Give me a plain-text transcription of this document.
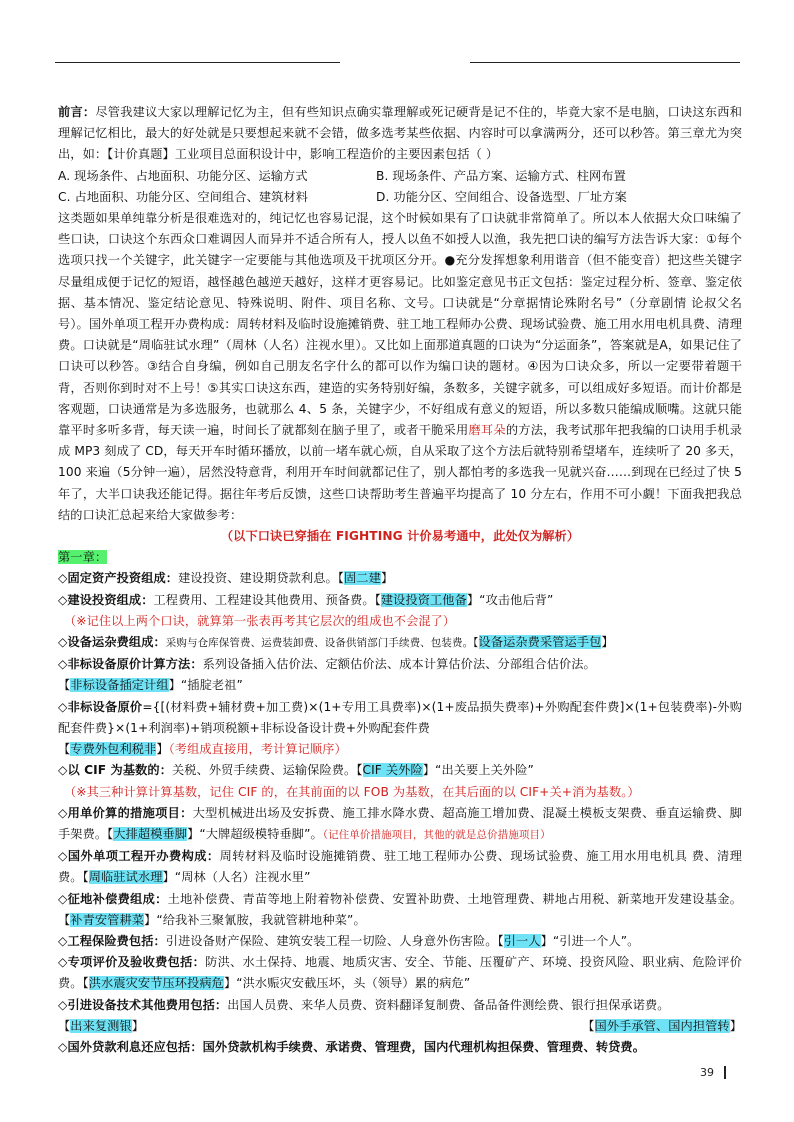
前言：尽管我建议大家以理解记忆为主，但有些知识点确实靠理解或死记硬背是记不住的，毕竟大家不是电脑，口诀这东西和理解记忆相比，最大的好处就是只要想起来就不会错，做多选考某些依据、内容时可以拿满两分，还可以秒答。第三章尤为突出，如：【计价真题】工业项目总面积设计中，影响工程造价的主要因素包括（ ）

A. 现场条件、占地面积、功能分区、运输方式	B. 现场条件、产品方案、运输方式、柱网布置
C. 占地面积、功能分区、空间组合、建筑材料	D. 功能分区、空间组合、设备选型、厂址方案

这类题如果单纯靠分析是很难选对的，纯记忆也容易记混，这个时候如果有了口诀就非常简单了。所以本人依据大众口味编了些口诀，口诀这个东西众口难调因人而异并不适合所有人，授人以鱼不如授人以渔，我先把口诀的编写方法告诉大家：①每个选项只找一个关键字，此关键字一定要能与其他选项及干扰项区分开。●充分发挥想象利用谐音（但不能变音）把这些关键字尽量组成便于记忆的短语，越怪越色越逆天越好，这样才更容易记。比如鉴定意见书正文包括：鉴定过程分析、签章、鉴定依据、基本情况、鉴定结论意见、特殊说明、附件、项目名称、文号。口诀就是“分章据情论殊附名号”（分章剧情 论叔父名号）。国外单项工程开办费构成：周转材料及临时设施摊销费、驻工地工程师办公费、现场试验费、施工用水用电机具费、清理费。口诀就是“周临驻试水理”（周林（人名）注视水里）。又比如上面那道真题的口诀为“分运面条”，答案就是A，如果记住了口诀可以秒答。③结合自身编，例如自己朋友名字什么的都可以作为编口诀的题材。④因为口诀众多，所以一定要带着题干背，否则你到时对不上号！⑤其实口诀这东西，建造的实务特别好编，条数多，关键字就多，可以组成好多短语。而计价都是客观题，口诀通常是为多选服务，也就那么 4、5 条，关键字少，不好组成有意义的短语，所以多数只能编成顺嘴。这就只能靠平时多听多背，每天读一遍，时间长了就都刻在脑子里了，或者干脆采用磨耳朵的方法，我考试那年把我编的口诀用手机录成 MP3 刻成了 CD，每天开车时循环播放，以前一堵车就心烦，自从采取了这个方法后就特别希望堵车，连续听了 20 多天，100 来遍（5分钟一遍），居然没特意背，利用开车时间就都记住了，别人都怕考的多选我一见就兴奋……到现在已经过了快 5 年了，大半口诀我还能记得。据往年考后反馈，这些口诀帮助考生普遍平均提高了 10 分左右，作用不可小觑！下面我把我总结的口诀汇总起来给大家做参考：

（以下口诀已穿插在 FIGHTING 计价易考通中，此处仅为解析）
第一章：

◇固定资产投资组成：建设投资、建设期贷款利息。【固二建】

◇建设投资组成：工程费用、工程建设其他费用、预备费。【建设投资工他备】“攻击他后背”

（※记住以上两个口诀，就算第一张表再考其它层次的组成也不会混了）

◇设备运杂费组成：采购与仓库保管费、运费装卸费、设备供销部门手续费、包装费。【设备运杂费采管运手包】

◇非标设备原价计算方法：系列设备插入估价法、定额估价法、成本计算估价法、分部组合估价法。
【非标设备插定计组】“插腚老祖”

◇非标设备原价={[(材料费+辅材费+加工费)×(1+专用工具费率)×(1+废品损失费率)+外购配套件费]×(1+包装费率)-外购配套件费}×(1+利润率)+销项税额+非标设备设计费+外购配套件费
【专费外包利税非】（考组成直接用，考计算记顺序）

◇以 CIF 为基数的：关税、外贸手续费、运输保险费。【CIF 关外险】“出关要上关外险”

（※其三种计算计算基数，记住 CIF 的，在其前面的以 FOB 为基数，在其后面的以 CIF+关+消为基数。）

◇用单价算的措施项目：大型机械进出场及安拆费、施工排水降水费、超高施工增加费、混凝土模板支架费、垂直运输费、脚手架费。【大排超模垂脚】“大牌超级模特垂脚”。（记住单价措施项目，其他的就是总价措施项目）

◇国外单项工程开办费构成：周转材料及临时设施摊销费、驻工地工程师办公费、现场试验费、施工用水用电机具 费、清理费。【周临驻试水理】“周林（人名）注视水里”

◇征地补偿费组成：土地补偿费、青苗等地上附着物补偿费、安置补助费、土地管理费、耕地占用税、新菜地开发建设基金。【补青安管耕菜】“给我补三聚氰胺，我就管耕地种菜”。

◇工程保险费包括：引进设备财产保险、建筑安装工程一切险、人身意外伤害险。【引一人】“引进一个人”。

◇专项评价及验收费包括：防洪、水土保持、地震、地质灾害、安全、节能、压覆矿产、环境、投资风险、职业病、危险评价费。【洪水震灾安节压环投病危】“洪水赈灾安截压坏，头（领导）累的病危”

◇引进设备技术其他费用包括：出国人员费、来华人员费、资料翻译复制费、备品备件测绘费、银行担保承诺费。

【出来复测银】	【国外手承管、国内担管转】

◇国外贷款利息还应包括：国外贷款机构手续费、承诺费、管理费，国内代理机构担保费、管理费、转贷费。

39
